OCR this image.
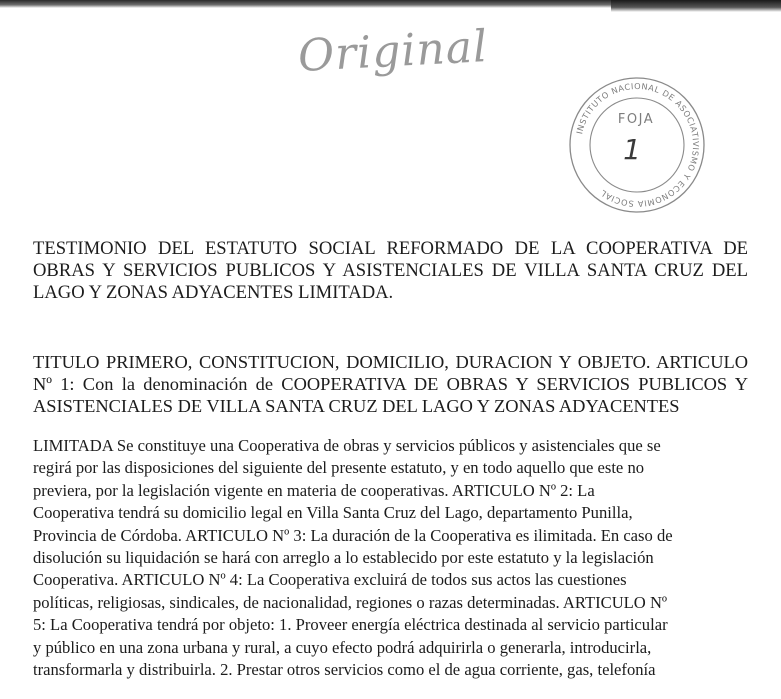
Original
INSTITUTO NACIONAL DE ASOCIATIVISMO Y ECONOMIA SOCIAL
FOJA
1
TESTIMONIO DEL ESTATUTO SOCIAL REFORMADO DE LA COOPERATIVA DE OBRAS Y SERVICIOS PUBLICOS Y ASISTENCIALES DE VILLA SANTA CRUZ DEL LAGO Y ZONAS ADYACENTES LIMITADA.

TITULO PRIMERO, CONSTITUCION, DOMICILIO, DURACION Y OBJETO. ARTICULO Nº 1: Con la denominación de COOPERATIVA DE OBRAS Y SERVICIOS PUBLICOS Y ASISTENCIALES DE VILLA SANTA CRUZ DEL LAGO Y ZONAS ADYACENTES

LIMITADA Se constituye una Cooperativa de obras y servicios públicos y asistenciales que se
regirá por las disposiciones del siguiente del presente estatuto, y en todo aquello que este no
previera, por la legislación vigente en materia de cooperativas. ARTICULO Nº 2: La
Cooperativa tendrá su domicilio legal en Villa Santa Cruz del Lago, departamento Punilla,
Provincia de Córdoba. ARTICULO Nº 3: La duración de la Cooperativa es ilimitada. En caso de
disolución su liquidación se hará con arreglo a lo establecido por este estatuto y la legislación
Cooperativa. ARTICULO Nº 4: La Cooperativa excluirá de todos sus actos las cuestiones
políticas, religiosas, sindicales, de nacionalidad, regiones o razas determinadas. ARTICULO Nº
5: La Cooperativa tendrá por objeto: 1. Proveer energía eléctrica destinada al servicio particular
y público en una zona urbana y rural, a cuyo efecto podrá adquirirla o generarla, introducirla,
transformarla y distribuirla. 2. Prestar otros servicios como el de agua corriente, gas, telefonía
